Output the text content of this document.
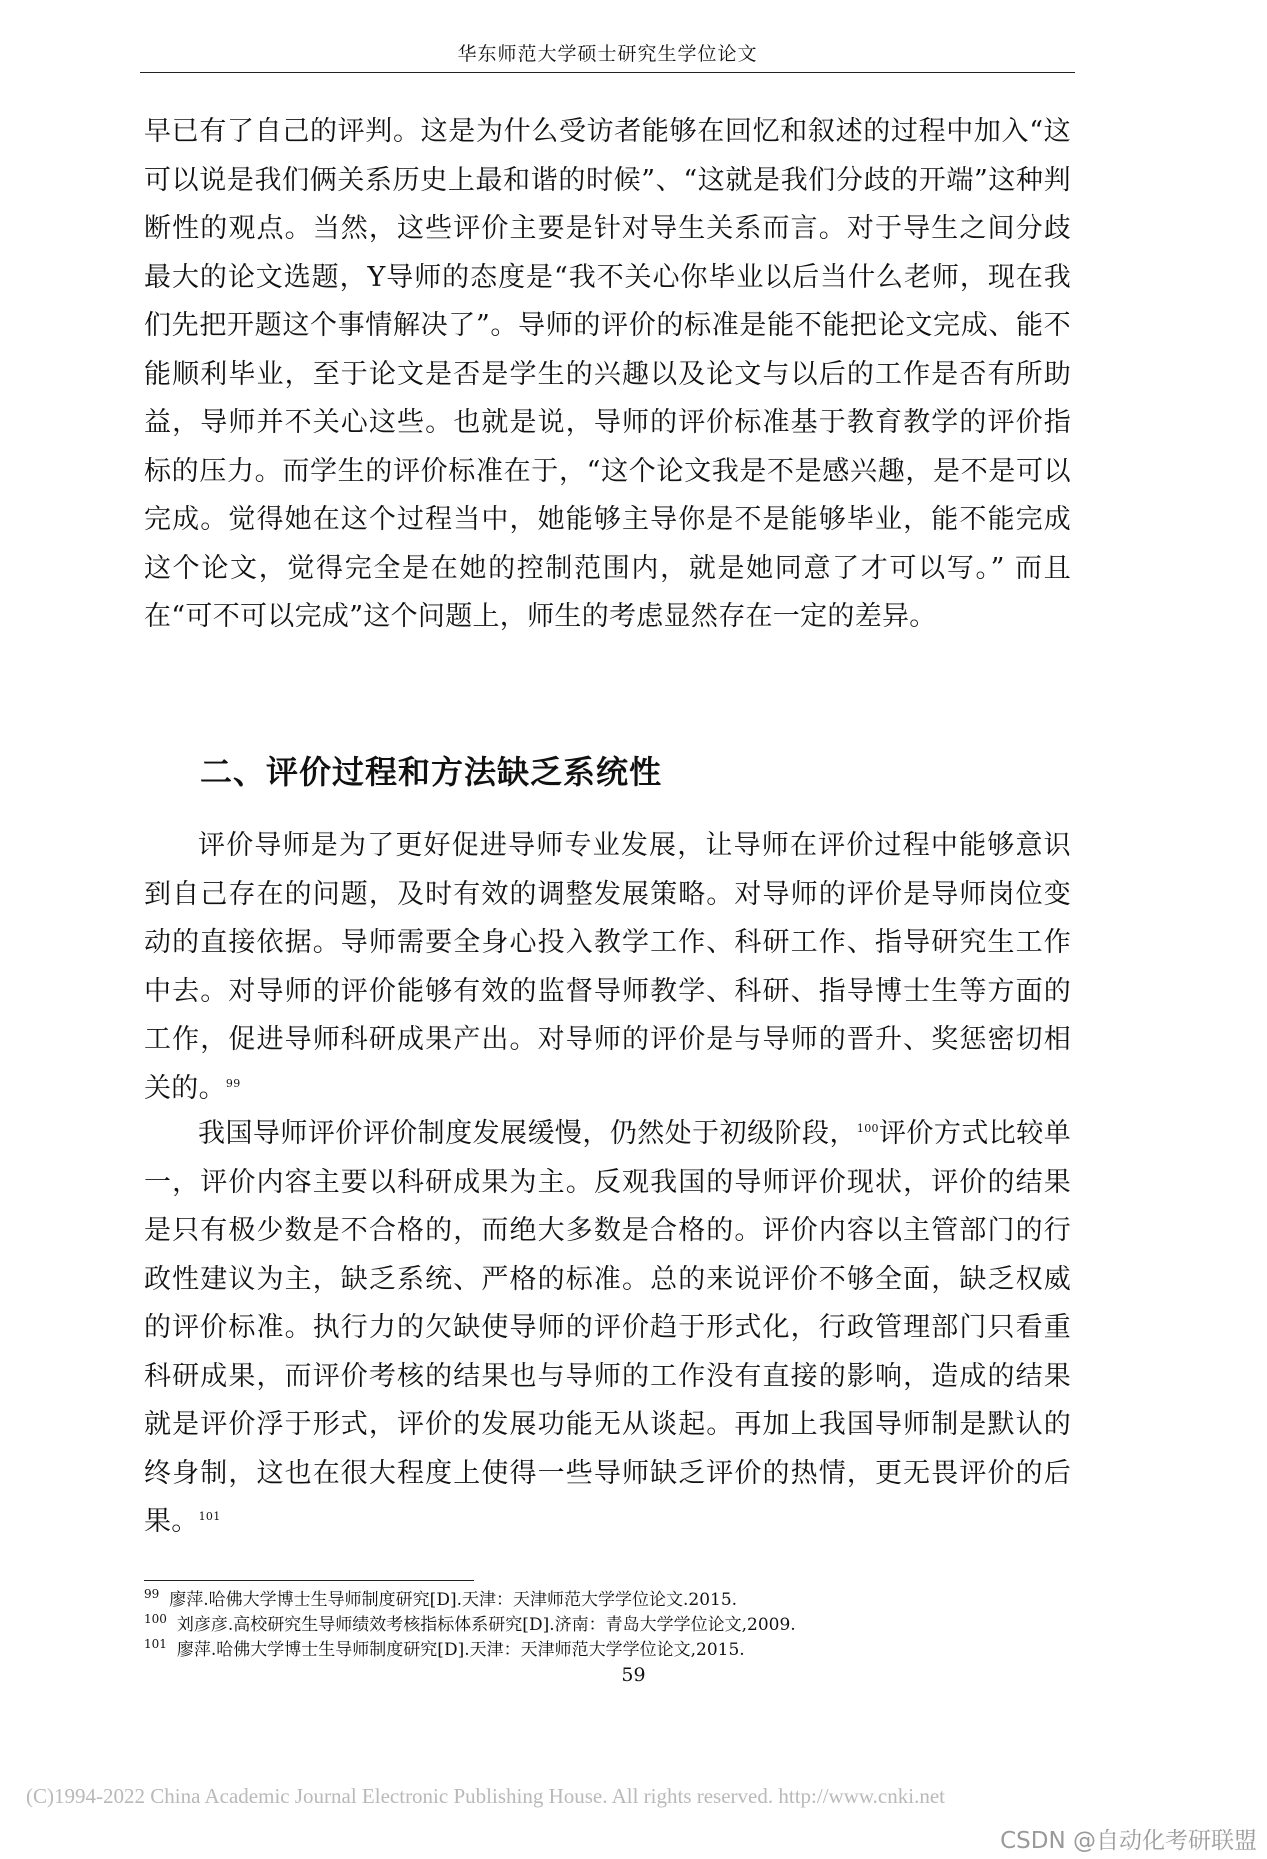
华东师范大学硕士研究生学位论文
早已有了自己的评判。这是为什么受访者能够在回忆和叙述的过程中加入“这可以说是我们俩关系历史上最和谐的时候”、“这就是我们分歧的开端”这种判断性的观点。当然，这些评价主要是针对导生关系而言。对于导生之间分歧最大的论文选题，Y导师的态度是“我不关心你毕业以后当什么老师，现在我们先把开题这个事情解决了”。导师的评价的标准是能不能把论文完成、能不能顺利毕业，至于论文是否是学生的兴趣以及论文与以后的工作是否有所助益，导师并不关心这些。也就是说，导师的评价标准基于教育教学的评价指标的压力。而学生的评价标准在于，“这个论文我是不是感兴趣，是不是可以完成。觉得她在这个过程当中，她能够主导你是不是能够毕业，能不能完成这个论文，觉得完全是在她的控制范围内，就是她同意了才可以写。” 而且在“可不可以完成”这个问题上，师生的考虑显然存在一定的差异。
二、评价过程和方法缺乏系统性
评价导师是为了更好促进导师专业发展，让导师在评价过程中能够意识到自己存在的问题，及时有效的调整发展策略。对导师的评价是导师岗位变动的直接依据。导师需要全身心投入教学工作、科研工作、指导研究生工作中去。对导师的评价能够有效的监督导师教学、科研、指导博士生等方面的工作，促进导师科研成果产出。对导师的评价是与导师的晋升、奖惩密切相关的。$^{99}$
我国导师评价评价制度发展缓慢，仍然处于初级阶段，$^{100}$评价方式比较单一，评价内容主要以科研成果为主。反观我国的导师评价现状，评价的结果是只有极少数是不合格的，而绝大多数是合格的。评价内容以主管部门的行政性建议为主，缺乏系统、严格的标准。总的来说评价不够全面，缺乏权威的评价标准。执行力的欠缺使导师的评价趋于形式化，行政管理部门只看重科研成果，而评价考核的结果也与导师的工作没有直接的影响，造成的结果就是评价浮于形式，评价的发展功能无从谈起。再加上我国导师制是默认的终身制，这也在很大程度上使得一些导师缺乏评价的热情，更无畏评价的后果。$^{101}$
$^{99}$ 廖萍.哈佛大学博士生导师制度研究[D].天津：天津师范大学学位论文.2015.
$^{100}$ 刘彦彦.高校研究生导师绩效考核指标体系研究[D].济南：青岛大学学位论文,2009.
$^{101}$ 廖萍.哈佛大学博士生导师制度研究[D].天津：天津师范大学学位论文,2015.
59
(C)1994-2022 China Academic Journal Electronic Publishing House. All rights reserved. http://www.cnki.net
CSDN @自动化考研联盟
